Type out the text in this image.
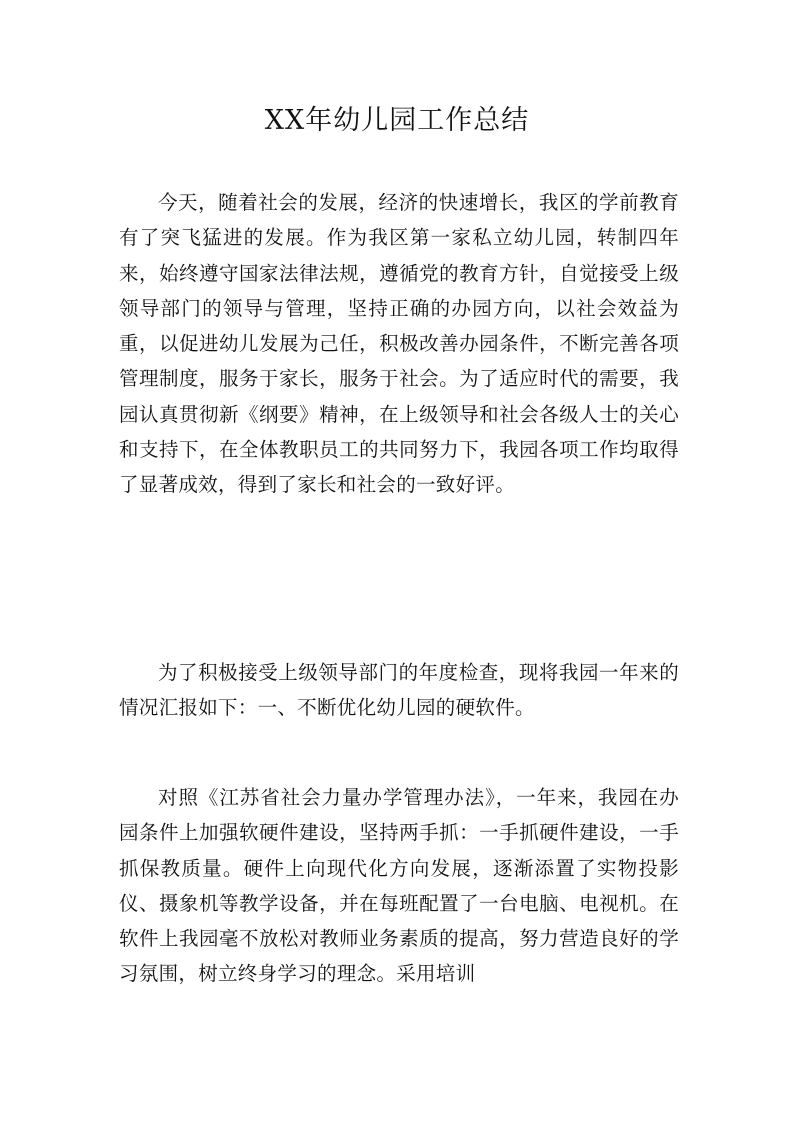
XX年幼儿园工作总结

今天，随着社会的发展，经济的快速增长，我区的学前教育有了突飞猛进的发展。作为我区第一家私立幼儿园，转制四年来，始终遵守国家法律法规，遵循党的教育方针，自觉接受上级领导部门的领导与管理，坚持正确的办园方向，以社会效益为重，以促进幼儿发展为己任，积极改善办园条件，不断完善各项管理制度，服务于家长，服务于社会。为了适应时代的需要，我园认真贯彻新《纲要》精神，在上级领导和社会各级人士的关心和支持下，在全体教职员工的共同努力下，我园各项工作均取得了显著成效，得到了家长和社会的一致好评。

为了积极接受上级领导部门的年度检查，现将我园一年来的情况汇报如下：一、不断优化幼儿园的硬软件。

对照《江苏省社会力量办学管理办法》，一年来，我园在办园条件上加强软硬件建设，坚持两手抓：一手抓硬件建设，一手抓保教质量。硬件上向现代化方向发展，逐渐添置了实物投影仪、摄象机等教学设备，并在每班配置了一台电脑、电视机。在软件上我园毫不放松对教师业务素质的提高，努力营造良好的学习氛围，树立终身学习的理念。采用培训
